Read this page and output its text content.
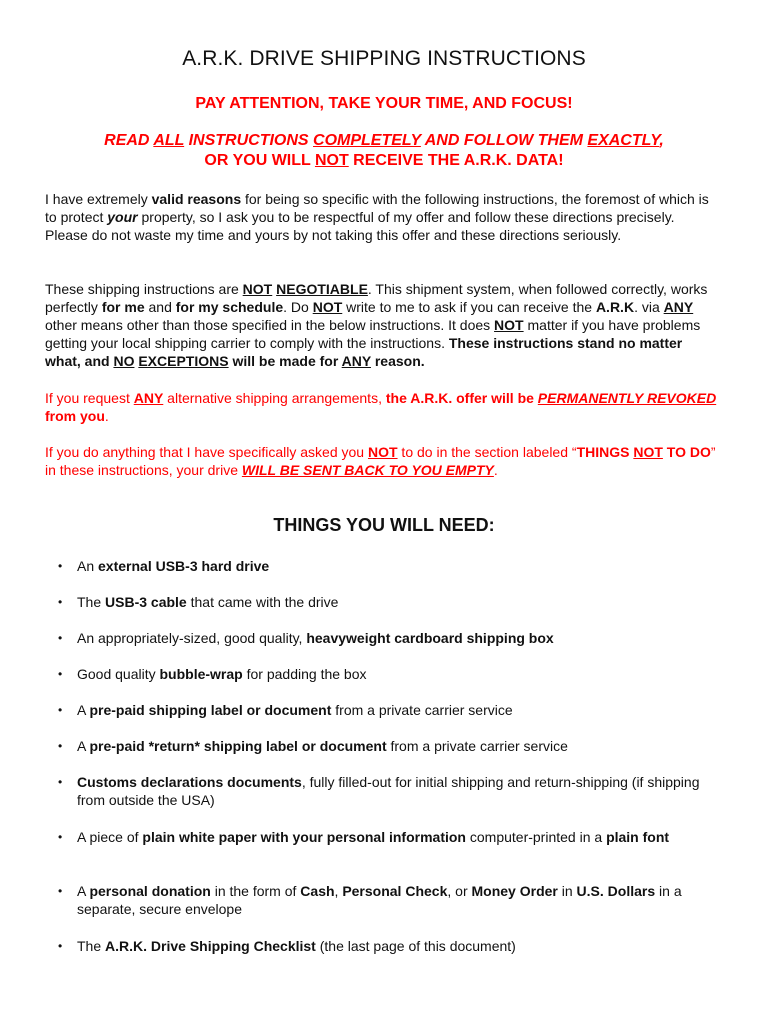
A.R.K. DRIVE SHIPPING INSTRUCTIONS
PAY ATTENTION, TAKE YOUR TIME, AND FOCUS!
READ ALL INSTRUCTIONS COMPLETELY AND FOLLOW THEM EXACTLY,
OR YOU WILL NOT RECEIVE THE A.R.K. DATA!

I have extremely valid reasons for being so specific with the following instructions, the foremost of which is to protect your property, so I ask you to be respectful of my offer and follow these directions precisely. Please do not waste my time and yours by not taking this offer and these directions seriously.

These shipping instructions are NOT NEGOTIABLE. This shipment system, when followed correctly, works perfectly for me and for my schedule. Do NOT write to me to ask if you can receive the A.R.K. via ANY other means other than those specified in the below instructions. It does NOT matter if you have problems getting your local shipping carrier to comply with the instructions. These instructions stand no matter what, and NO EXCEPTIONS will be made for ANY reason.

If you request ANY alternative shipping arrangements, the A.R.K. offer will be PERMANENTLY REVOKED from you.

If you do anything that I have specifically asked you NOT to do in the section labeled “THINGS NOT TO DO” in these instructions, your drive WILL BE SENT BACK TO YOU EMPTY.

THINGS YOU WILL NEED:
•	An external USB-3 hard drive
•	The USB-3 cable that came with the drive
•	An appropriately-sized, good quality, heavyweight cardboard shipping box
•	Good quality bubble-wrap for padding the box
•	A pre-paid shipping label or document from a private carrier service
•	A pre-paid *return* shipping label or document from a private carrier service
•	Customs declarations documents, fully filled-out for initial shipping and return-shipping (if shipping from outside the USA)
•	A piece of plain white paper with your personal information computer-printed in a plain font
•	A personal donation in the form of Cash, Personal Check, or Money Order in U.S. Dollars in a separate, secure envelope
•	The A.R.K. Drive Shipping Checklist (the last page of this document)
